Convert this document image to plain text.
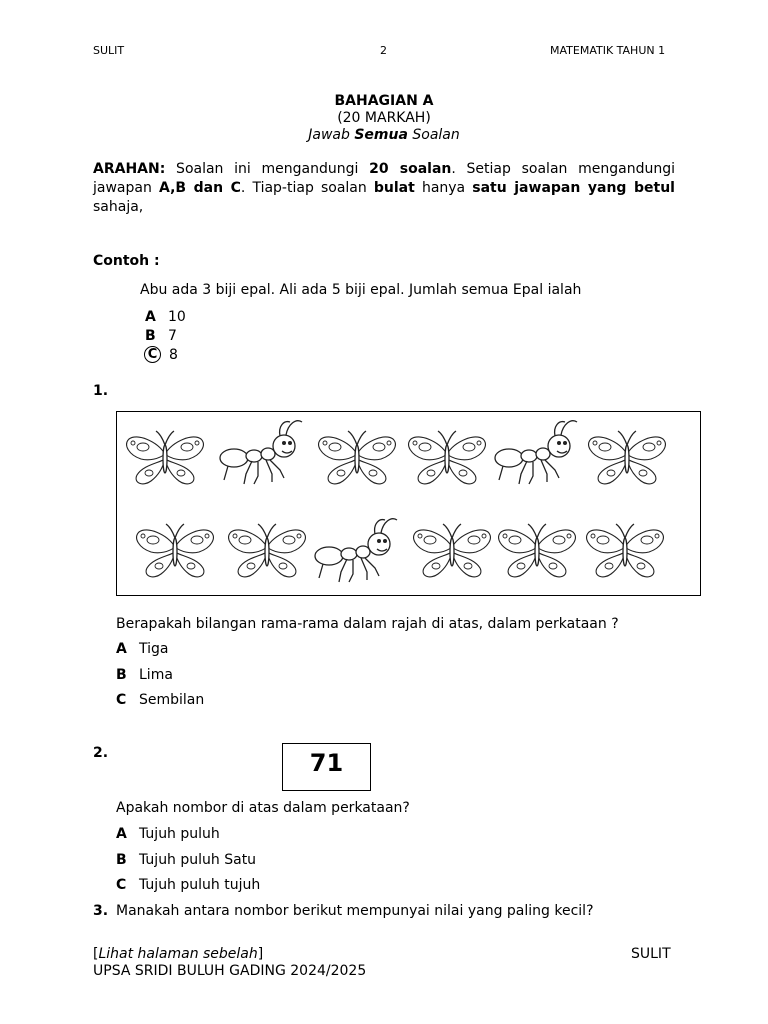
SULIT	2	MATEMATIK TAHUN 1
BAHAGIAN A
(20 MARKAH)
Jawab Semua Soalan
ARAHAN: Soalan ini mengandungi 20 soalan. Setiap soalan mengandungi jawapan A,B dan C. Tiap-tiap soalan bulat hanya satu jawapan yang betul sahaja,
Contoh :
Abu ada 3 biji epal. Ali ada 5 biji epal. Jumlah semua Epal ialah
A 10
B 7
C 8
1.
Berapakah bilangan rama-rama dalam rajah di atas, dalam perkataan ?
A Tiga
B Lima
C Sembilan
2.	71
Apakah nombor di atas dalam perkataan?
A Tujuh puluh
B Tujuh puluh Satu
C Tujuh puluh tujuh
3. Manakah antara nombor berikut mempunyai nilai yang paling kecil?
[Lihat halaman sebelah]	SULIT
UPSA SRIDI BULUH GADING 2024/2025
